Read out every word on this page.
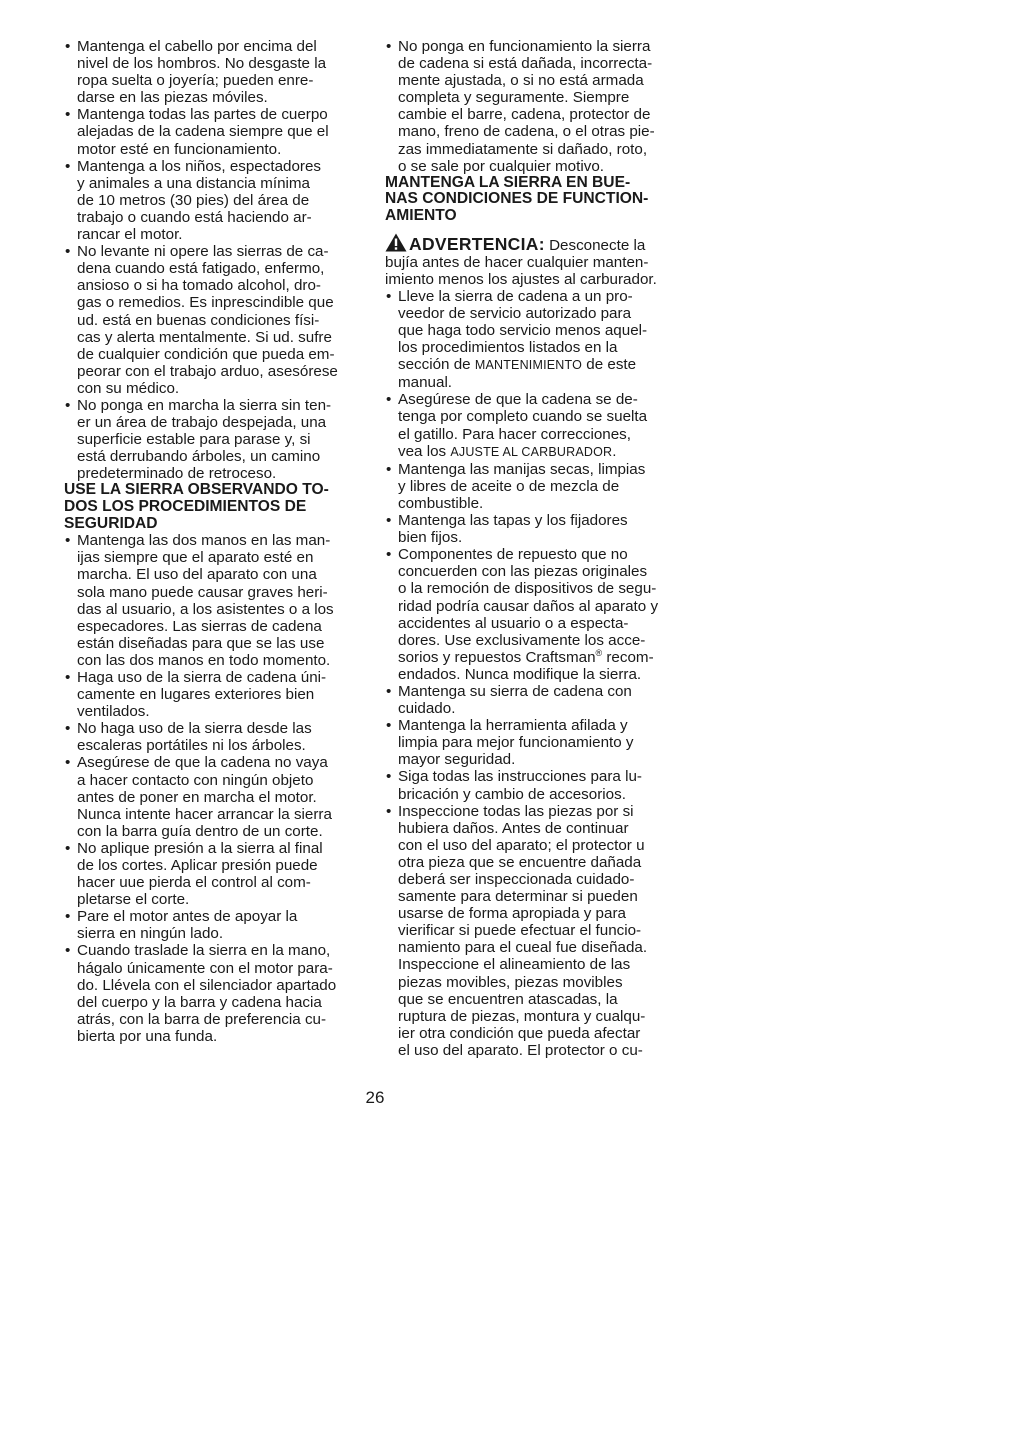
• Mantenga el cabello por encima del
nivel de los hombros. No desgaste la
ropa suelta o joyería; pueden enre-
darse en las piezas móviles.
• Mantenga todas las partes de cuerpo
alejadas de la cadena siempre que el
motor esté en funcionamiento.
• Mantenga a los niños, espectadores
y animales a una distancia mínima
de 10 metros (30 pies) del área de
trabajo o cuando está haciendo ar-
rancar el motor.
• No levante ni opere las sierras de ca-
dena cuando está fatigado, enfermo,
ansioso o si ha tomado alcohol, dro-
gas o remedios. Es inprescindible que
ud. está en buenas condiciones físi-
cas y alerta mentalmente. Si ud. sufre
de cualquier condición que pueda em-
peorar con el trabajo arduo, asesórese
con su médico.
• No ponga en marcha la sierra sin ten-
er un área de trabajo despejada, una
superficie estable para parase y, si
está derrubando árboles, un camino
predeterminado de retroceso.
USE LA SIERRA OBSERVANDO TO-
DOS LOS PROCEDIMIENTOS DE
SEGURIDAD
• Mantenga las dos manos en las man-
ijas siempre que el aparato esté en
marcha. El uso del aparato con una
sola mano puede causar graves heri-
das al usuario, a los asistentes o a los
especadores. Las sierras de cadena
están diseñadas para que se las use
con las dos manos en todo momento.
• Haga uso de la sierra de cadena úni-
camente en lugares exteriores bien
ventilados.
• No haga uso de la sierra desde las
escaleras portátiles ni los árboles.
• Asegúrese de que la cadena no vaya
a hacer contacto con ningún objeto
antes de poner en marcha el motor.
Nunca intente hacer arrancar la sierra
con la barra guía dentro de un corte.
• No aplique presión a la sierra al final
de los cortes. Aplicar presión puede
hacer uue pierda el control al com-
pletarse el corte.
• Pare el motor antes de apoyar la
sierra en ningún lado.
• Cuando traslade la sierra en la mano,
hágalo únicamente con el motor para-
do. Llévela con el silenciador apartado
del cuerpo y la barra y cadena hacia
atrás, con la barra de preferencia cu-
bierta por una funda.
• No ponga en funcionamiento la sierra
de cadena si está dañada, incorrecta-
mente ajustada, o si no está armada
completa y seguramente. Siempre
cambie el barre, cadena, protector de
mano, freno de cadena, o el otras pie-
zas immediatamente si dañado, roto,
o se sale por cualquier motivo.
MANTENGA LA SIERRA EN BUE-
NAS CONDICIONES DE FUNCTION-
AMIENTO
ADVERTENCIA: Desconecte la
bujía antes de hacer cualquier manten-
imiento menos los ajustes al carburador.
• Lleve la sierra de cadena a un pro-
veedor de servicio autorizado para
que haga todo servicio menos aquel-
los procedimientos listados en la
sección de MANTENIMIENTO de este
manual.
• Asegúrese de que la cadena se de-
tenga por completo cuando se suelta
el gatillo. Para hacer correcciones,
vea los AJUSTE AL CARBURADOR.
• Mantenga las manijas secas, limpias
y libres de aceite o de mezcla de
combustible.
• Mantenga las tapas y los fijadores
bien fijos.
• Componentes de repuesto que no
concuerden con las piezas originales
o la remoción de dispositivos de segu-
ridad podría causar daños al aparato y
accidentes al usuario o a especta-
dores. Use exclusivamente los acce-
sorios y repuestos Craftsman® recom-
endados. Nunca modifique la sierra.
• Mantenga su sierra de cadena con
cuidado.
• Mantenga la herramienta afilada y
limpia para mejor funcionamiento y
mayor seguridad.
• Siga todas las instrucciones para lu-
bricación y cambio de accesorios.
• Inspeccione todas las piezas por si
hubiera daños. Antes de continuar
con el uso del aparato; el protector u
otra pieza que se encuentre dañada
deberá ser inspeccionada cuidado-
samente para determinar si pueden
usarse de forma apropiada y para
vierificar si puede efectuar el funcio-
namiento para el cueal fue diseñada.
Inspeccione el alineamiento de las
piezas movibles, piezas movibles
que se encuentren atascadas, la
ruptura de piezas, montura y cualqu-
ier otra condición que pueda afectar
el uso del aparato. El protector o cu-
26
